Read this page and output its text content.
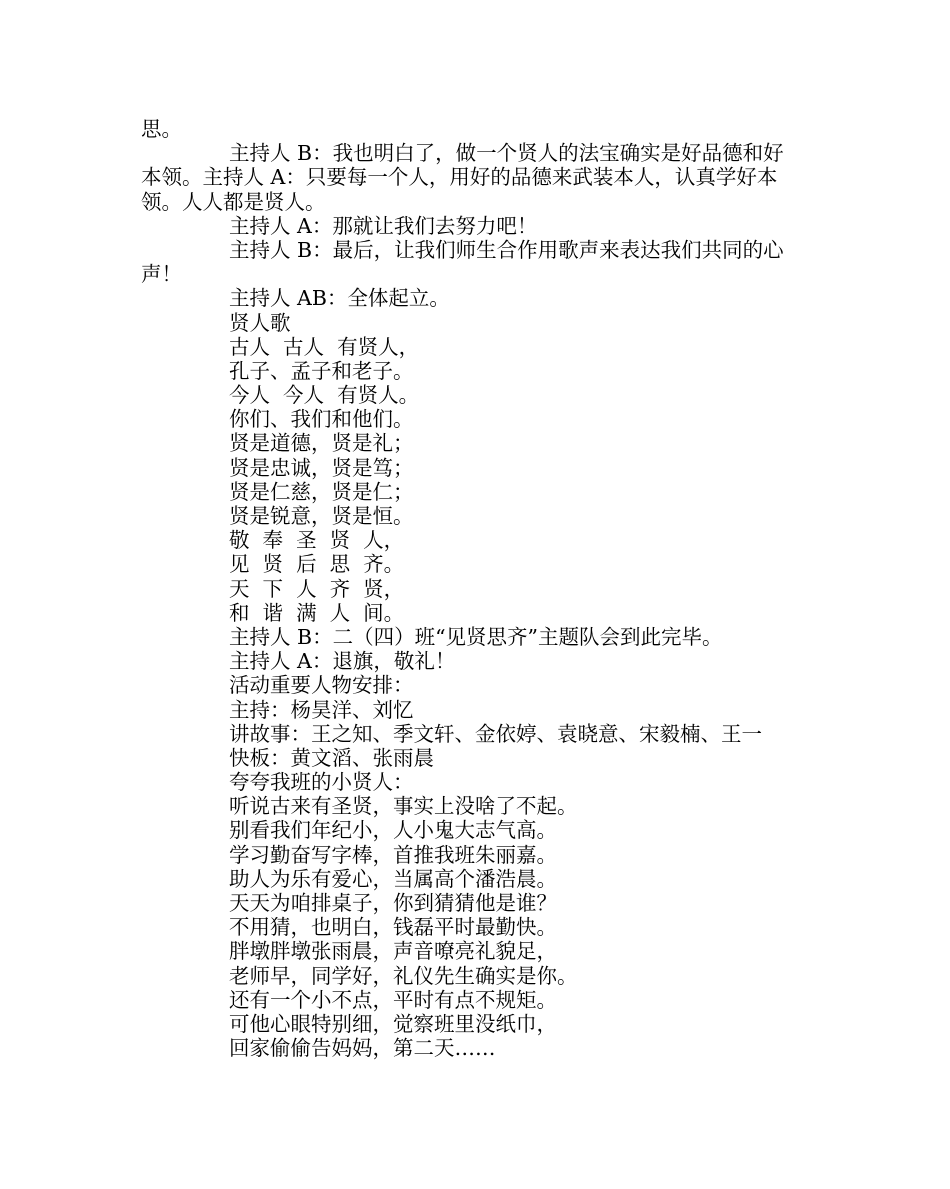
思。
主持人 B：我也明白了，做一个贤人的法宝确实是好品德和好
本领。主持人 A：只要每一个人，用好的品德来武装本人，认真学好本
领。人人都是贤人。
主持人 A：那就让我们去努力吧！
主持人 B：最后，让我们师生合作用歌声来表达我们共同的心
声！
主持人 AB：全体起立。
贤人歌
古人  古人  有贤人，
孔子、孟子和老子。
今人  今人  有贤人。
你们、我们和他们。
贤是道德，贤是礼；
贤是忠诚，贤是笃；
贤是仁慈，贤是仁；
贤是锐意，贤是恒。
敬  奉  圣  贤  人，
见  贤  后  思  齐。
天  下  人  齐  贤，
和  谐  满  人  间。
主持人 B：二（四）班“见贤思齐”主题队会到此完毕。
主持人 A：退旗，敬礼！
活动重要人物安排：
主持：杨昊洋、刘忆
讲故事：王之知、季文轩、金依婷、袁晓意、宋毅楠、王一
快板：黄文滔、张雨晨
夸夸我班的小贤人：
听说古来有圣贤，事实上没啥了不起。
别看我们年纪小，人小鬼大志气高。
学习勤奋写字棒，首推我班朱丽嘉。
助人为乐有爱心，当属高个潘浩晨。
天天为咱排桌子，你到猜猜他是谁？
不用猜，也明白，钱磊平时最勤快。
胖墩胖墩张雨晨，声音嘹亮礼貌足，
老师早，同学好，礼仪先生确实是你。
还有一个小不点，平时有点不规矩。
可他心眼特别细，觉察班里没纸巾，
回家偷偷告妈妈，第二天……
